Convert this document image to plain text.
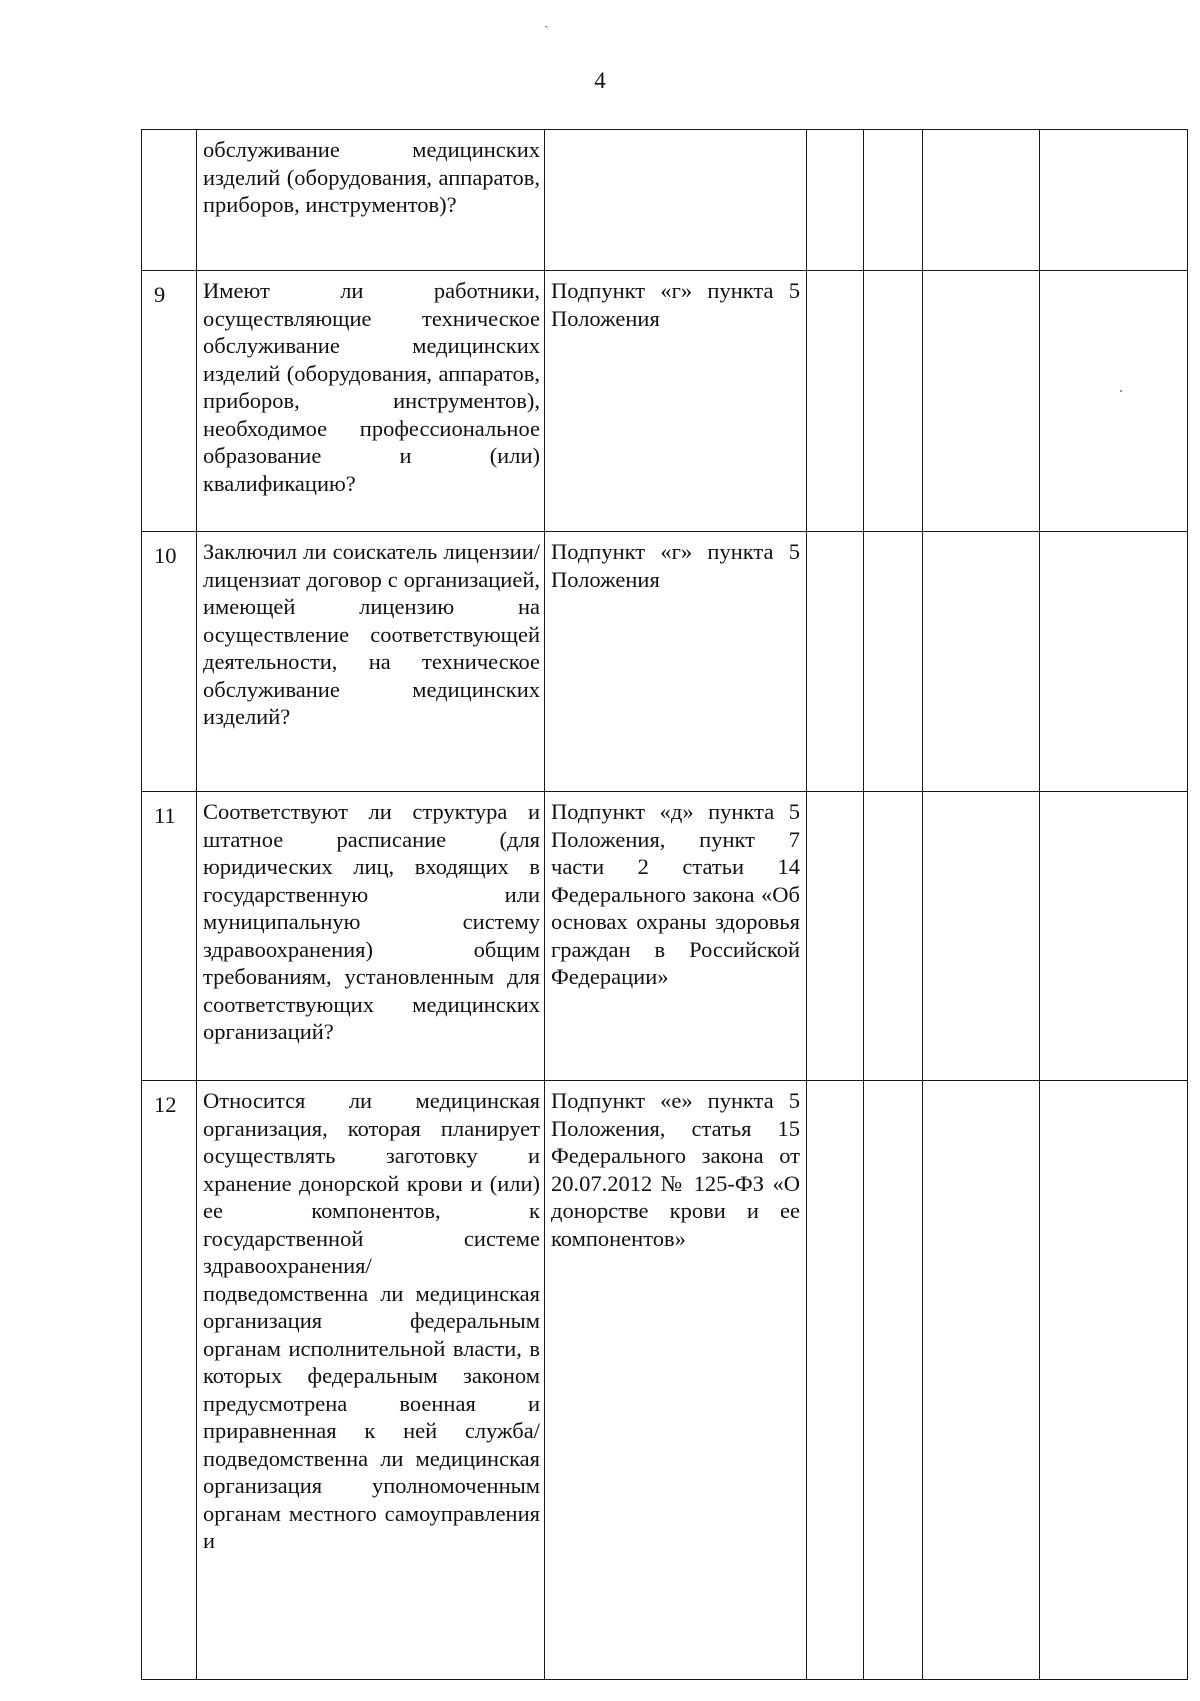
ˎ
4

	обслуживание медицинских изделий (оборудования, аппаратов, приборов, инструментов)?					

9	Имеют ли работники, осуществляющие техническое обслуживание медицинских изделий (оборудования, аппаратов, приборов, инструментов), необходимое профессиональное образование и (или) квалификацию?	Подпункт «г» пункта 5 Положения				
10	Заключил ли соискатель лицензии/лицензиат договор с организацией, имеющей лицензию на осуществление соответствующей деятельности, на техническое обслуживание медицинских изделий?	Подпункт «г» пункта 5 Положения				
11	Соответствуют ли структура и штатное расписание (для юридических лиц, входящих в государственную или муниципальную систему здравоохранения) общим требованиям, установленным для соответствующих медицинских организаций?	Подпункт «д» пункта 5 Положения, пункт 7 части 2 статьи 14 Федерального закона «Об основах охраны здоровья граждан в Российской Федерации»				
12	Относится ли медицинская организация, которая планирует осуществлять заготовку и хранение донорской крови и (или) ее компонентов, к государственной системе здравоохранения/ подведомственна ли медицинская организация федеральным органам исполнительной власти, в которых федеральным законом предусмотрена военная и приравненная к ней служба/ подведомственна ли медицинская организация уполномоченным органам местного самоуправления и	Подпункт «е» пункта 5 Положения, статья 15 Федерального закона от 20.07.2012 № 125-ФЗ «О донорстве крови и ее компонентов»				
